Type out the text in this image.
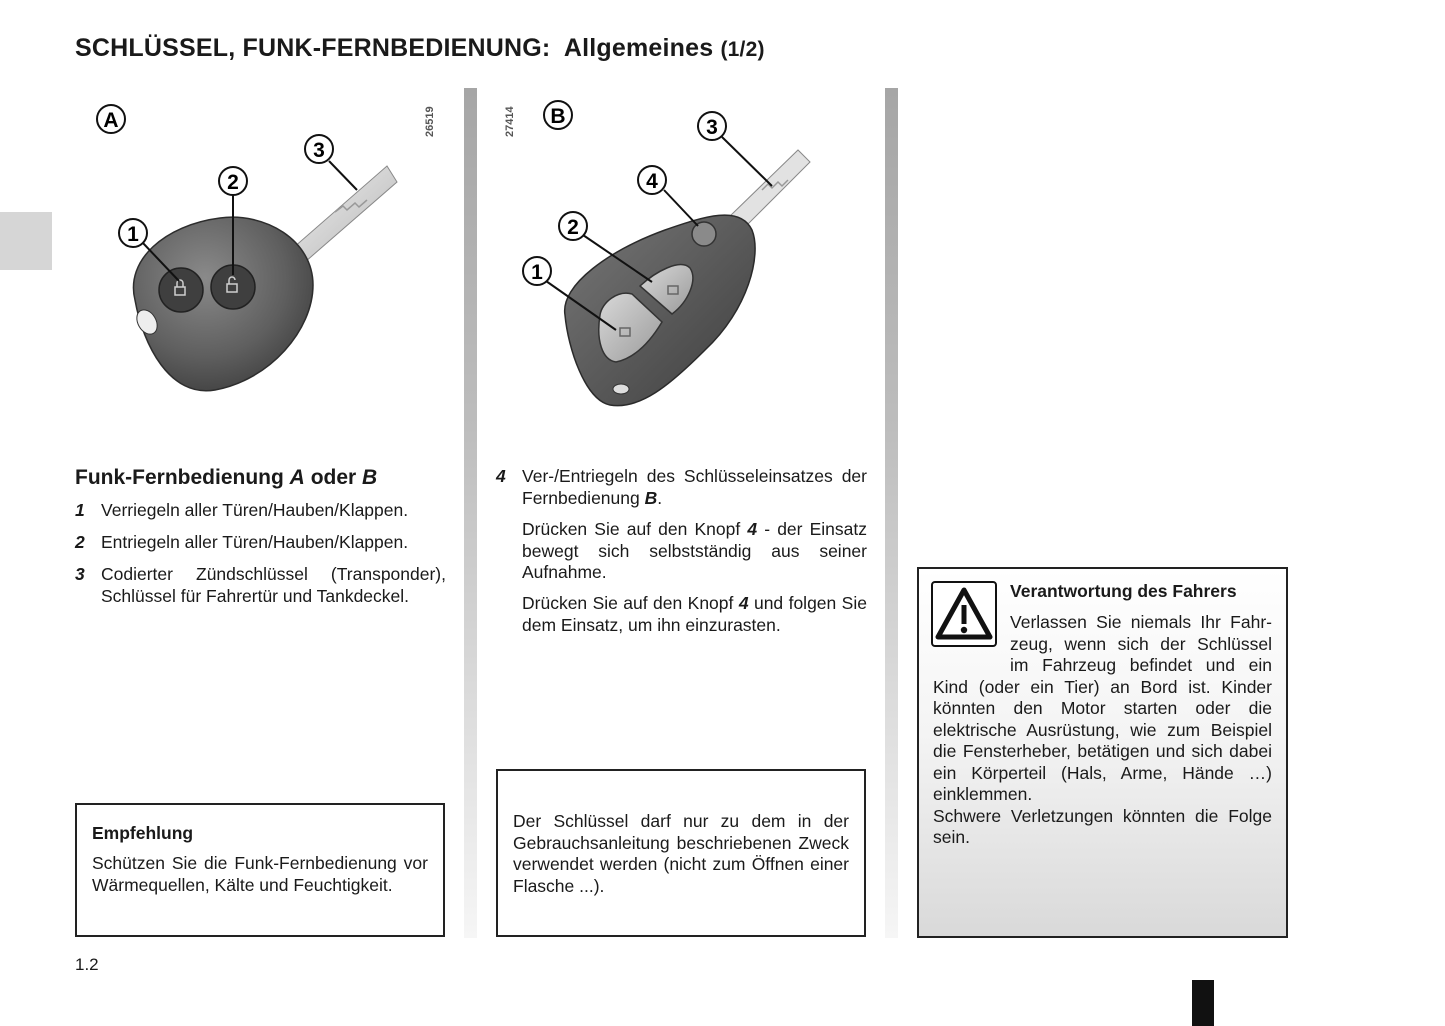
SCHLÜSSEL, FUNK-FERNBEDIENUNG: Allgemeines (1/2)
A
1
2
3
26519	B
1
2
3
4
27414
Funk-Fernbedienung A oder B
1 Verriegeln aller Türen/Hauben/Klappen.
2 Entriegeln aller Türen/Hauben/Klappen.
3 Codierter Zündschlüssel (Transponder), Schlüssel für Fahrertür und Tankdeckel.
4 Ver-/Entriegeln des Schlüsseleinsatzes der Fernbedienung B.
Drücken Sie auf den Knopf 4 - der Einsatz bewegt sich selbstständig aus seiner Aufnahme.
Drücken Sie auf den Knopf 4 und folgen Sie dem Einsatz, um ihn einzurasten.
Empfehlung
Schützen Sie die Funk-Fernbedienung vor Wärmequellen, Kälte und Feuchtigkeit.
Der Schlüssel darf nur zu dem in der Gebrauchsanleitung beschriebenen Zweck verwendet werden (nicht zum Öffnen einer Flasche ...).
Verantwortung des Fahrers
Verlassen Sie niemals Ihr Fahr-
zeug, wenn sich der Schlüssel
im Fahrzeug befindet und ein
Kind (oder ein Tier) an Bord ist. Kinder könnten den Motor starten oder die elektrische Ausrüstung, wie zum Beispiel die Fensterheber, betätigen und sich dabei ein Körperteil (Hals, Arme, Hände …) einklemmen.
Schwere Verletzungen könnten die Folge sein.
1.2
